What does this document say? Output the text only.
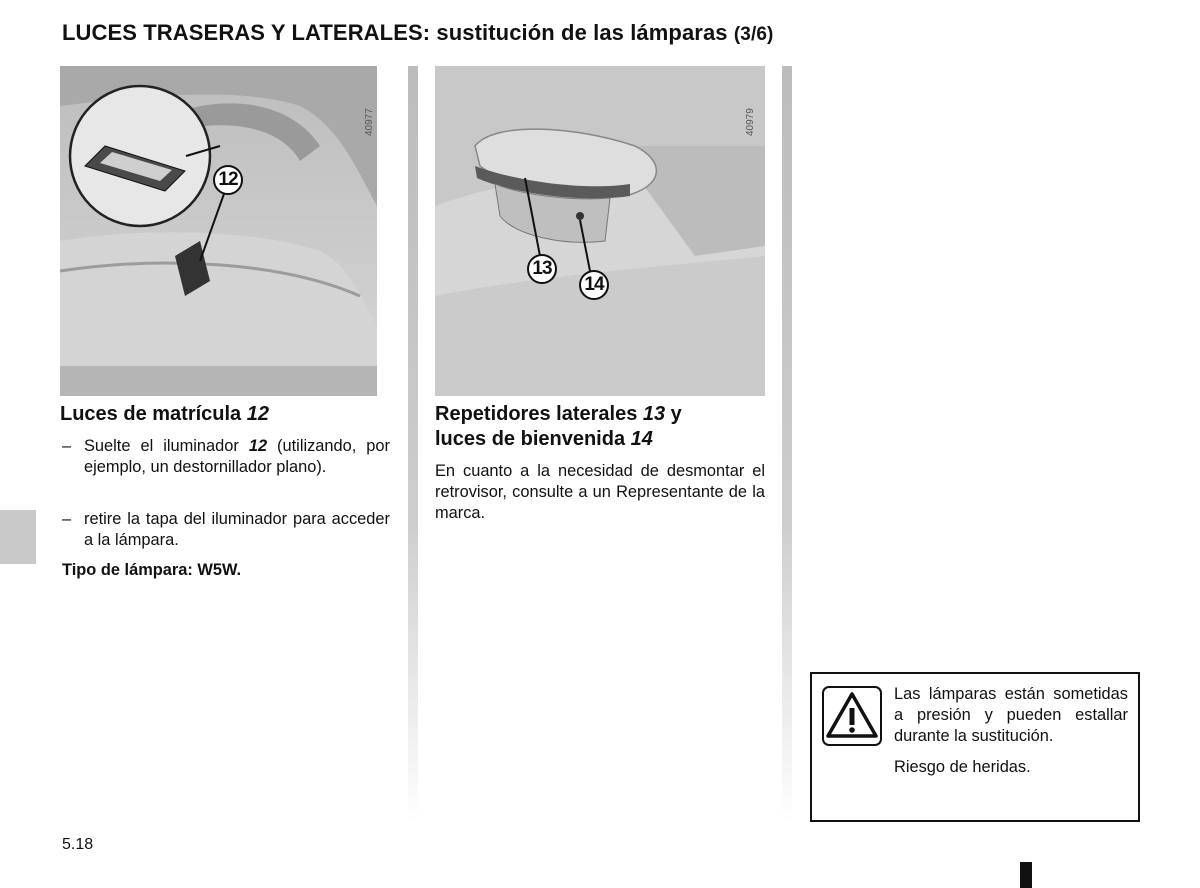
LUCES TRASERAS Y LATERALES: sustitución de las lámparas (3/6)
40977
12
40979
13
14
Luces de matrícula 12
– Suelte el iluminador 12 (utilizando, por ejemplo, un destornillador plano).
– retire la tapa del iluminador para acceder a la lámpara.
Tipo de lámpara: W5W.
Repetidores laterales 13 y
luces de bienvenida 14
En cuanto a la necesidad de desmontar el retrovisor, consulte a un Representante de la marca.
Las lámparas están sometidas a presión y pueden estallar durante la sustitución.
Riesgo de heridas.
5.18
